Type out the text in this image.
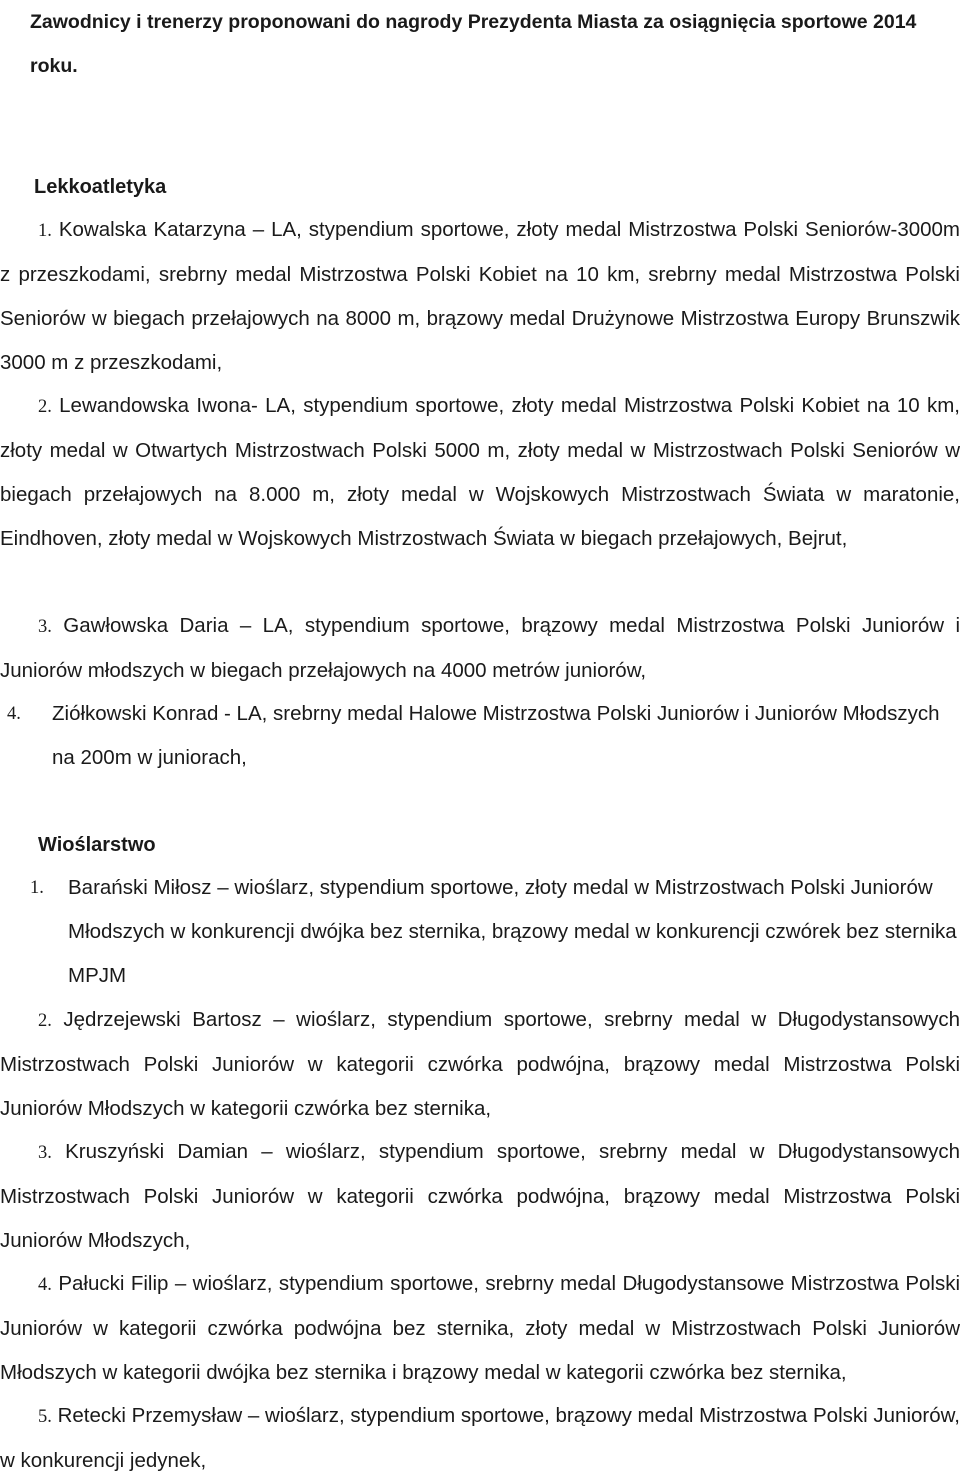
Zawodnicy i trenerzy proponowani do nagrody Prezydenta Miasta za osiągnięcia sportowe 2014 roku.
Lekkoatletyka

1. Kowalska Katarzyna – LA, stypendium sportowe, złoty medal Mistrzostwa Polski Seniorów-3000m z przeszkodami, srebrny medal Mistrzostwa Polski Kobiet na 10 km, srebrny medal Mistrzostwa Polski Seniorów w biegach przełajowych na 8000 m, brązowy medal Drużynowe Mistrzostwa Europy Brunszwik 3000 m z przeszkodami,

2. Lewandowska Iwona- LA, stypendium sportowe, złoty medal Mistrzostwa Polski Kobiet na 10 km, złoty medal w Otwartych Mistrzostwach Polski 5000 m, złoty medal w Mistrzostwach Polski Seniorów w biegach przełajowych na 8.000 m, złoty medal w Wojskowych Mistrzostwach Świata w maratonie, Eindhoven, złoty medal w Wojskowych Mistrzostwach Świata w biegach przełajowych, Bejrut,

3. Gawłowska Daria – LA, stypendium sportowe, brązowy medal Mistrzostwa Polski Juniorów i Juniorów młodszych w biegach przełajowych na 4000 metrów juniorów,

4. Ziółkowski Konrad - LA, srebrny medal Halowe Mistrzostwa Polski Juniorów i Juniorów Młodszych na 200m w juniorach,

Wioślarstwo

1. Barański Miłosz – wioślarz, stypendium sportowe, złoty medal w Mistrzostwach Polski Juniorów Młodszych w konkurencji dwójka bez sternika, brązowy medal w konkurencji czwórek bez sternika MPJM

2. Jędrzejewski Bartosz – wioślarz, stypendium sportowe, srebrny medal w Długodystansowych Mistrzostwach Polski Juniorów w kategorii czwórka podwójna, brązowy medal Mistrzostwa Polski Juniorów Młodszych w kategorii czwórka bez sternika,

3. Kruszyński Damian – wioślarz, stypendium sportowe, srebrny medal w Długodystansowych Mistrzostwach Polski Juniorów w kategorii czwórka podwójna, brązowy medal Mistrzostwa Polski Juniorów Młodszych,

4. Pałucki Filip – wioślarz, stypendium sportowe, srebrny medal Długodystansowe Mistrzostwa Polski Juniorów w kategorii czwórka podwójna bez sternika, złoty medal w Mistrzostwach Polski Juniorów Młodszych w kategorii dwójka bez sternika i brązowy medal w kategorii czwórka bez sternika,

5. Retecki Przemysław – wioślarz, stypendium sportowe, brązowy medal Mistrzostwa Polski Juniorów, w konkurencji jedynek,
